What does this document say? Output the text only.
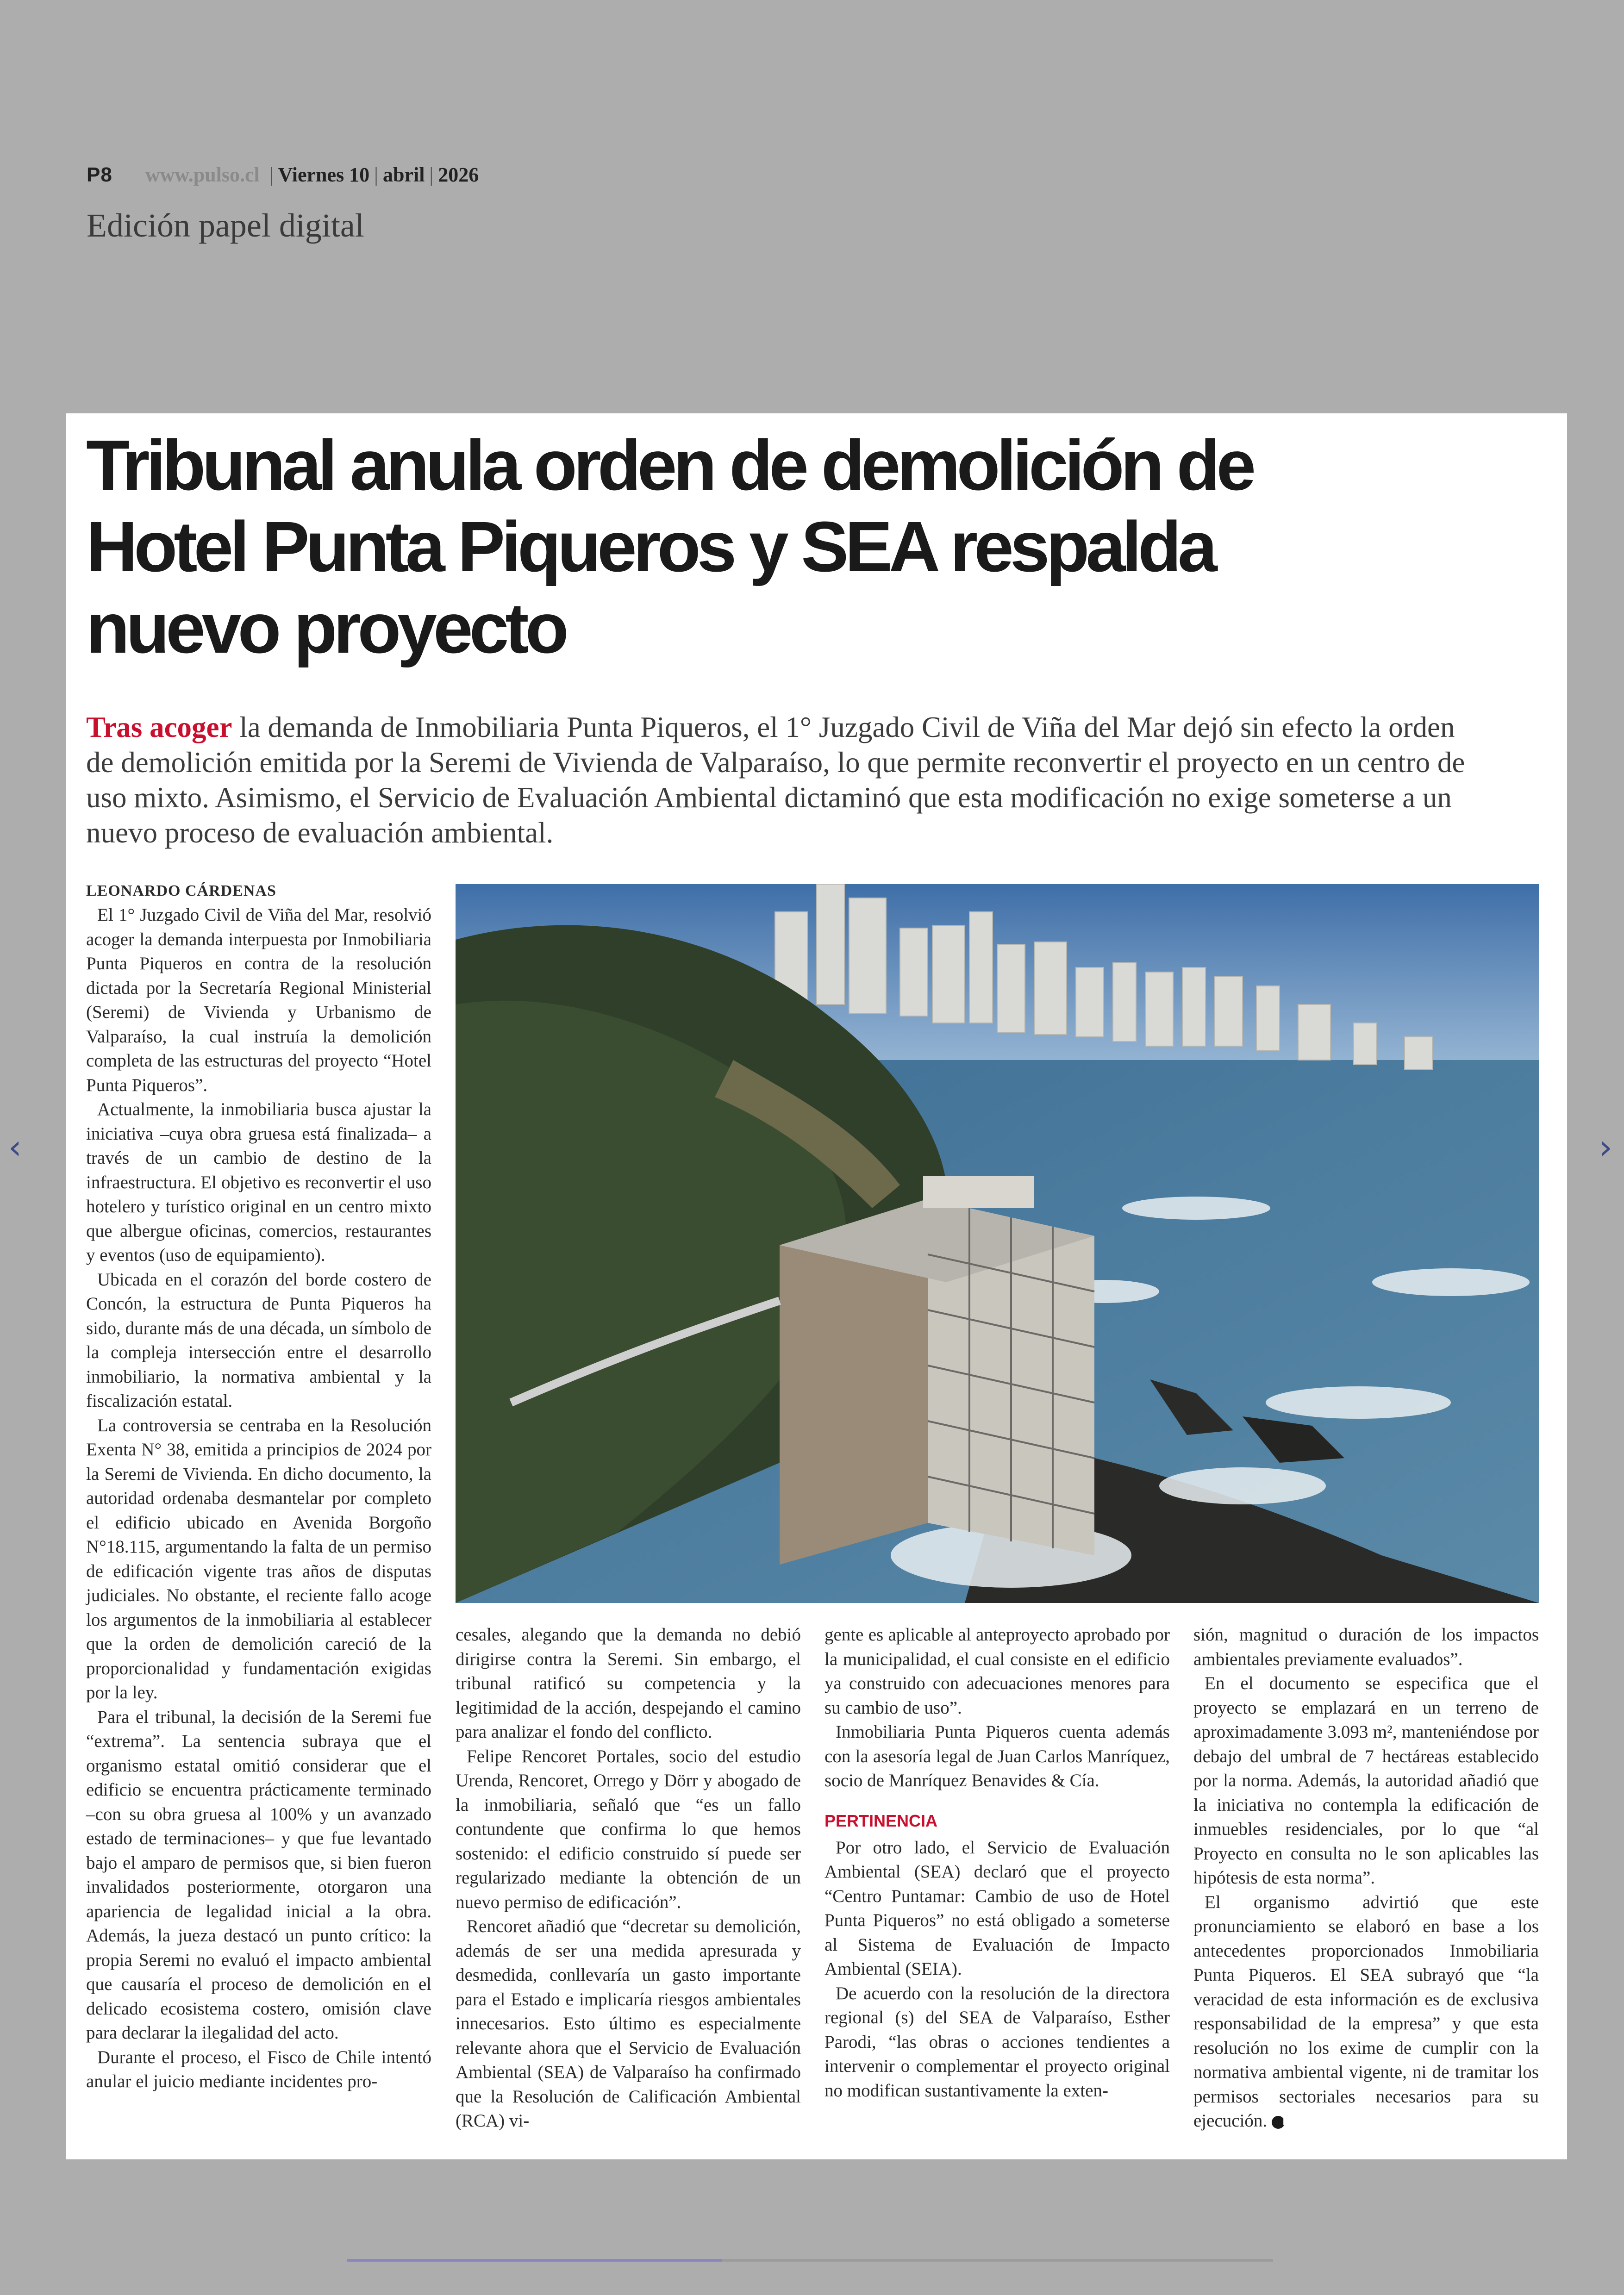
P8 www.pulso.cl | Viernes 10 | abril | 2026
Edición papel digital
Tribunal anula orden de demolición de
Hotel Punta Piqueros y SEA respalda
nuevo proyecto
Tras acoger la demanda de Inmobiliaria Punta Piqueros, el 1° Juzgado Civil de Viña del Mar dejó sin efecto la orden de demolición emitida por la Seremi de Vivienda de Valparaíso, lo que permite reconvertir el proyecto en un centro de uso mixto. Asimismo, el Servicio de Evaluación Ambiental dictaminó que esta modificación no exige someterse a un nuevo proceso de evaluación ambiental.

LEONARDO CÁRDENAS

El 1° Juzgado Civil de Viña del Mar, resolvió acoger la demanda interpuesta por Inmobiliaria Punta Piqueros en contra de la resolución dictada por la Secretaría Regional Ministerial (Seremi) de Vivienda y Urbanismo de Valparaíso, la cual instruía la demolición completa de las estructuras del proyecto “Hotel Punta Piqueros”.

Actualmente, la inmobiliaria busca ajustar la iniciativa –cuya obra gruesa está finalizada– a través de un cambio de destino de la infraestructura. El objetivo es reconvertir el uso hotelero y turístico original en un centro mixto que albergue oficinas, comercios, restaurantes y eventos (uso de equipamiento).

Ubicada en el corazón del borde costero de Concón, la estructura de Punta Piqueros ha sido, durante más de una década, un símbolo de la compleja intersección entre el desarrollo inmobiliario, la normativa ambiental y la fiscalización estatal.

La controversia se centraba en la Resolución Exenta N° 38, emitida a principios de 2024 por la Seremi de Vivienda. En dicho documento, la autoridad ordenaba desmantelar por completo el edificio ubicado en Avenida Borgoño N°18.115, argumentando la falta de un permiso de edificación vigente tras años de disputas judiciales. No obstante, el reciente fallo acoge los argumentos de la inmobiliaria al establecer que la orden de demolición careció de la proporcionalidad y fundamentación exigidas por la ley.

Para el tribunal, la decisión de la Seremi fue “extrema”. La sentencia subraya que el organismo estatal omitió considerar que el edificio se encuentra prácticamente terminado –con su obra gruesa al 100% y un avanzado estado de terminaciones– y que fue levantado bajo el amparo de permisos que, si bien fueron invalidados posteriormente, otorgaron una apariencia de legalidad inicial a la obra. Además, la jueza destacó un punto crítico: la propia Seremi no evaluó el impacto ambiental que causaría el proceso de demolición en el delicado ecosistema costero, omisión clave para declarar la ilegalidad del acto.

Durante el proceso, el Fisco de Chile intentó anular el juicio mediante incidentes pro-

cesales, alegando que la demanda no debió dirigirse contra la Seremi. Sin embargo, el tribunal ratificó su competencia y la legitimidad de la acción, despejando el camino para analizar el fondo del conflicto.

Felipe Rencoret Portales, socio del estudio Urenda, Rencoret, Orrego y Dörr y abogado de la inmobiliaria, señaló que “es un fallo contundente que confirma lo que hemos sostenido: el edificio construido sí puede ser regularizado mediante la obtención de un nuevo permiso de edificación”.

Rencoret añadió que “decretar su demolición, además de ser una medida apresurada y desmedida, conllevaría un gasto importante para el Estado e implicaría riesgos ambientales innecesarios. Esto último es especialmente relevante ahora que el Servicio de Evaluación Ambiental (SEA) de Valparaíso ha confirmado que la Resolución de Calificación Ambiental (RCA) vi-

gente es aplicable al anteproyecto aprobado por la municipalidad, el cual consiste en el edificio ya construido con adecuaciones menores para su cambio de uso”.

Inmobiliaria Punta Piqueros cuenta además con la asesoría legal de Juan Carlos Manríquez, socio de Manríquez Benavides & Cía.

PERTINENCIA

Por otro lado, el Servicio de Evaluación Ambiental (SEA) declaró que el proyecto “Centro Puntamar: Cambio de uso de Hotel Punta Piqueros” no está obligado a someterse al Sistema de Evaluación de Impacto Ambiental (SEIA).

De acuerdo con la resolución de la directora regional (s) del SEA de Valparaíso, Esther Parodi, “las obras o acciones tendientes a intervenir o complementar el proyecto original no modifican sustantivamente la exten-

sión, magnitud o duración de los impactos ambientales previamente evaluados”.

En el documento se especifica que el proyecto se emplazará en un terreno de aproximadamente 3.093 m², manteniéndose por debajo del umbral de 7 hectáreas establecido por la norma. Además, la autoridad añadió que la iniciativa no contempla la edificación de inmuebles residenciales, por lo que “al Proyecto en consulta no le son aplicables las hipótesis de esta norma”.

El organismo advirtió que este pronunciamiento se elaboró en base a los antecedentes proporcionados Inmobiliaria Punta Piqueros. El SEA subrayó que “la veracidad de esta información es de exclusiva responsabilidad de la empresa” y que esta resolución no los exime de cumplir con la normativa ambiental vigente, ni de tramitar los permisos sectoriales necesarios para su ejecución. P

‹	›
